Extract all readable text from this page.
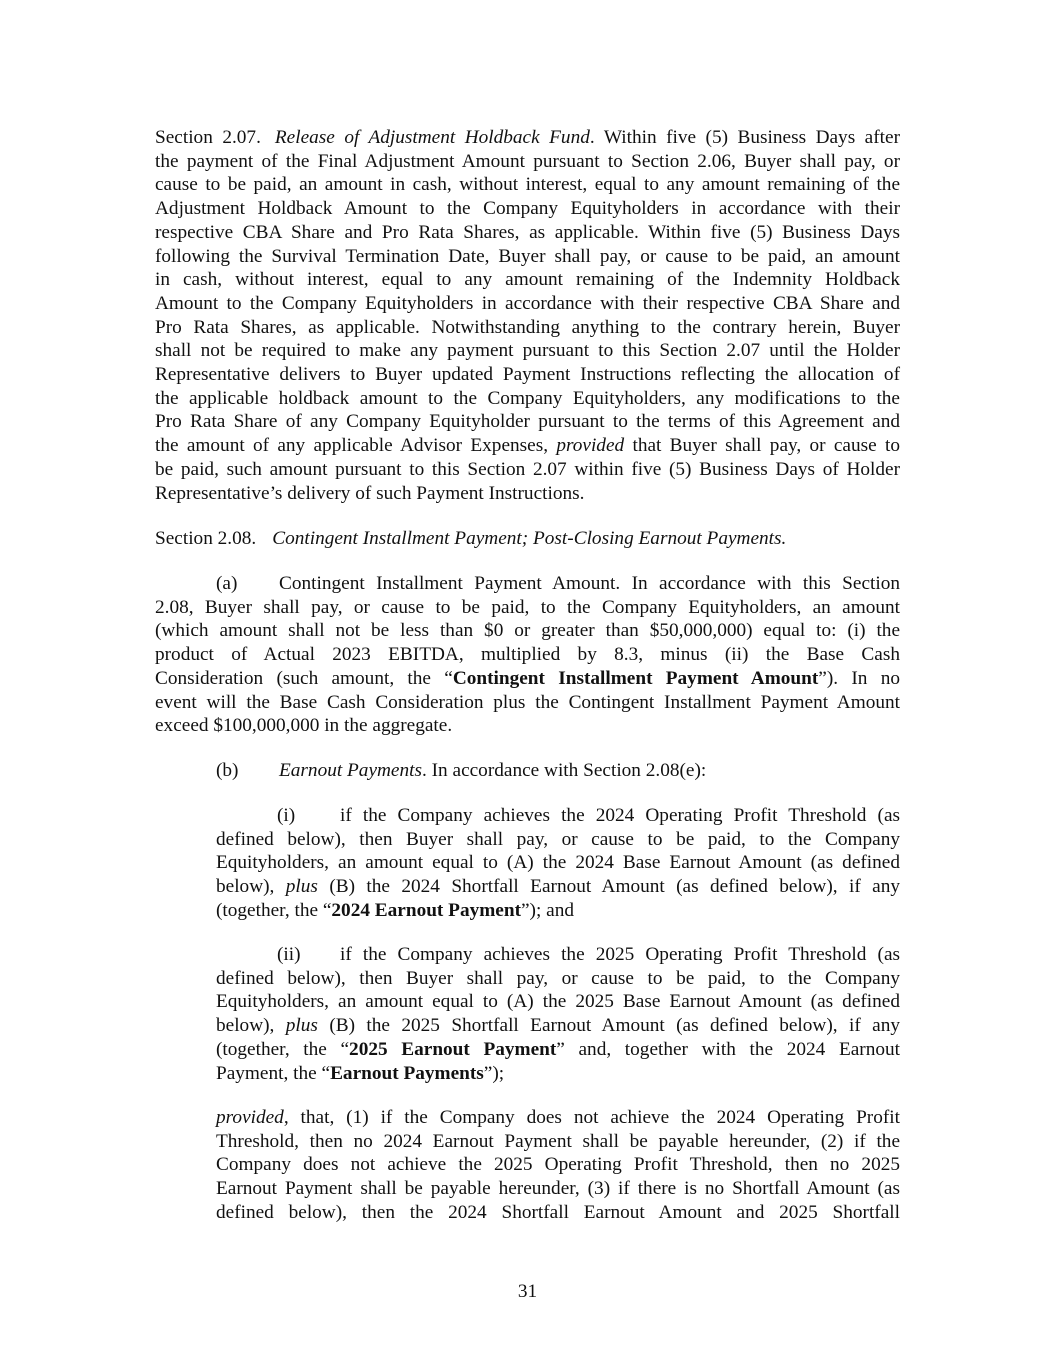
Section 2.07. Release of Adjustment Holdback Fund. Within five (5) Business Days after
the payment of the Final Adjustment Amount pursuant to Section 2.06, Buyer shall pay, or
cause to be paid, an amount in cash, without interest, equal to any amount remaining of the
Adjustment Holdback Amount to the Company Equityholders in accordance with their
respective CBA Share and Pro Rata Shares, as applicable. Within five (5) Business Days
following the Survival Termination Date, Buyer shall pay, or cause to be paid, an amount
in cash, without interest, equal to any amount remaining of the Indemnity Holdback
Amount to the Company Equityholders in accordance with their respective CBA Share and
Pro Rata Shares, as applicable. Notwithstanding anything to the contrary herein, Buyer
shall not be required to make any payment pursuant to this Section 2.07 until the Holder
Representative delivers to Buyer updated Payment Instructions reflecting the allocation of
the applicable holdback amount to the Company Equityholders, any modifications to the
Pro Rata Share of any Company Equityholder pursuant to the terms of this Agreement and
the amount of any applicable Advisor Expenses, provided that Buyer shall pay, or cause to
be paid, such amount pursuant to this Section 2.07 within five (5) Business Days of Holder
Representative’s delivery of such Payment Instructions.
Section 2.08. Contingent Installment Payment; Post-Closing Earnout Payments.
(a) Contingent Installment Payment Amount. In accordance with this Section
2.08, Buyer shall pay, or cause to be paid, to the Company Equityholders, an amount
(which amount shall not be less than $0 or greater than $50,000,000) equal to: (i) the
product of Actual 2023 EBITDA, multiplied by 8.3, minus (ii) the Base Cash
Consideration (such amount, the “Contingent Installment Payment Amount”). In no
event will the Base Cash Consideration plus the Contingent Installment Payment Amount
exceed $100,000,000 in the aggregate.
(b) Earnout Payments. In accordance with Section 2.08(e):
(i) if the Company achieves the 2024 Operating Profit Threshold (as
defined below), then Buyer shall pay, or cause to be paid, to the Company
Equityholders, an amount equal to (A) the 2024 Base Earnout Amount (as defined
below), plus (B) the 2024 Shortfall Earnout Amount (as defined below), if any
(together, the “2024 Earnout Payment”); and
(ii) if the Company achieves the 2025 Operating Profit Threshold (as
defined below), then Buyer shall pay, or cause to be paid, to the Company
Equityholders, an amount equal to (A) the 2025 Base Earnout Amount (as defined
below), plus (B) the 2025 Shortfall Earnout Amount (as defined below), if any
(together, the “2025 Earnout Payment” and, together with the 2024 Earnout
Payment, the “Earnout Payments”);
provided, that, (1) if the Company does not achieve the 2024 Operating Profit
Threshold, then no 2024 Earnout Payment shall be payable hereunder, (2) if the
Company does not achieve the 2025 Operating Profit Threshold, then no 2025
Earnout Payment shall be payable hereunder, (3) if there is no Shortfall Amount (as
defined below), then the 2024 Shortfall Earnout Amount and 2025 Shortfall
31
